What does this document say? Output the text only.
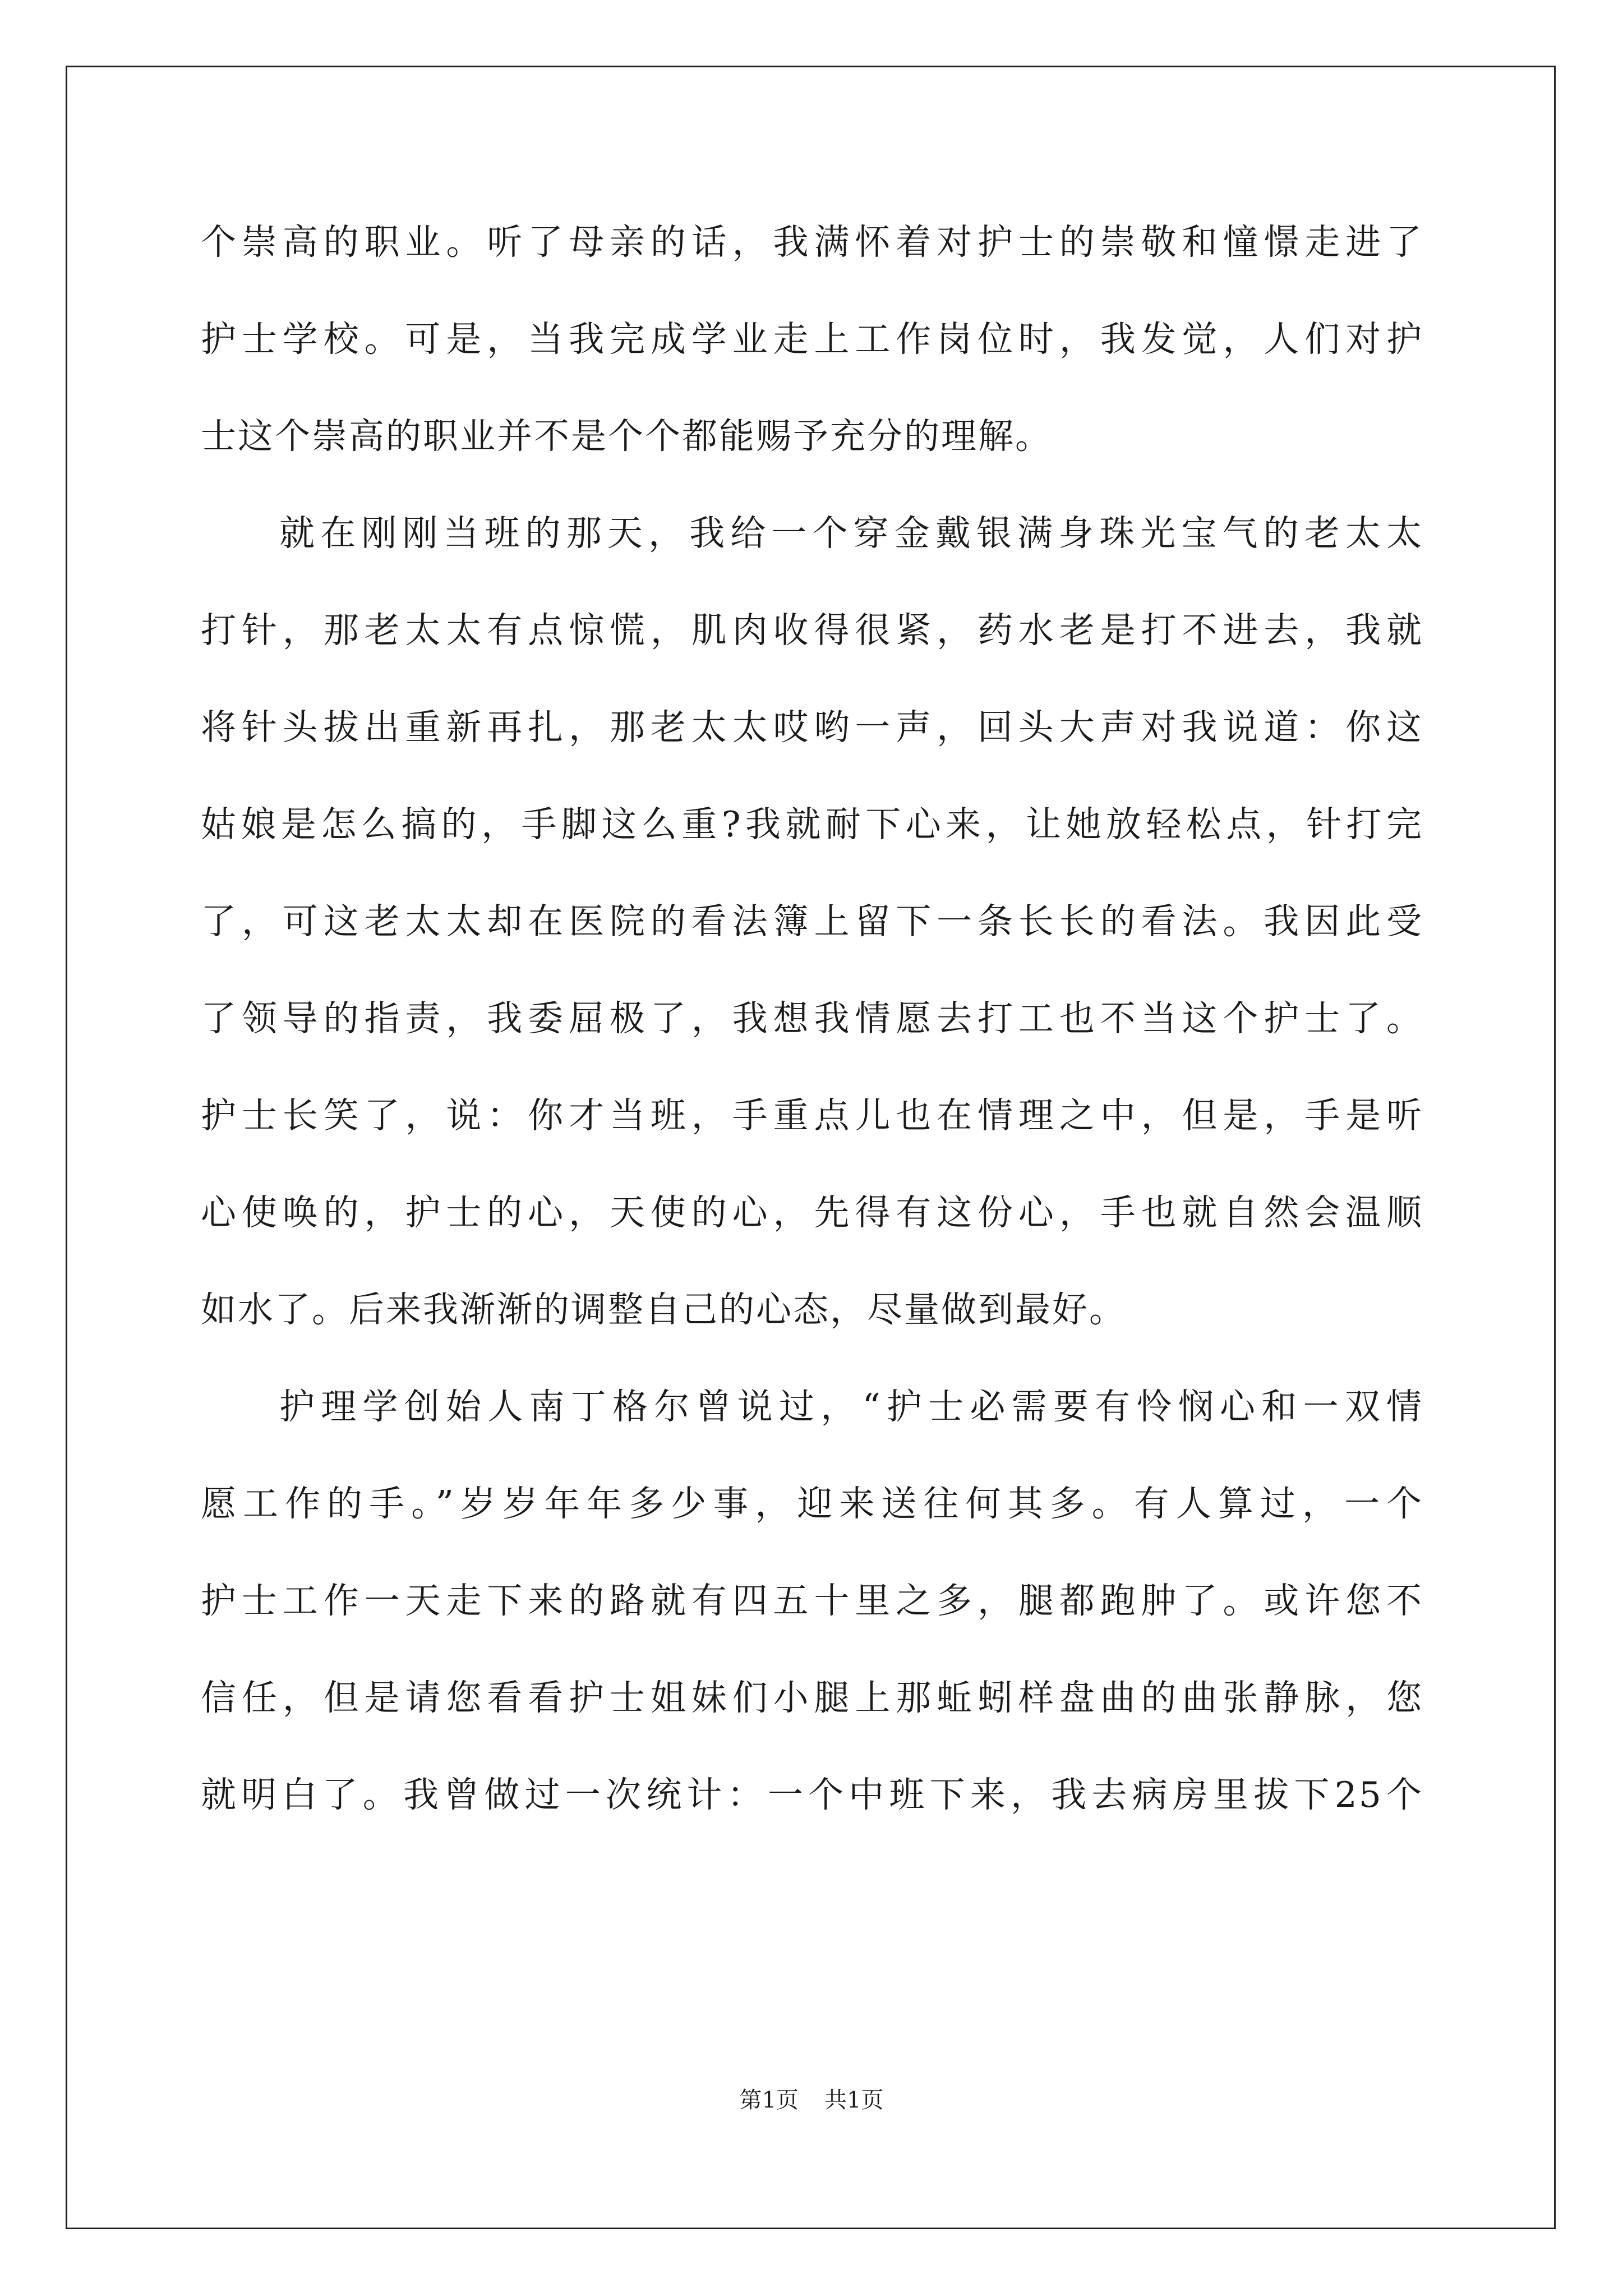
个崇高的职业。听了母亲的话，我满怀着对护士的崇敬和憧憬走进了
护士学校。可是，当我完成学业走上工作岗位时，我发觉，人们对护
士这个崇高的职业并不是个个都能赐予充分的理解。
就在刚刚当班的那天，我给一个穿金戴银满身珠光宝气的老太太
打针，那老太太有点惊慌，肌肉收得很紧，药水老是打不进去，我就
将针头拔出重新再扎，那老太太哎哟一声，回头大声对我说道：你这
姑娘是怎么搞的，手脚这么重?我就耐下心来，让她放轻松点，针打完
了，可这老太太却在医院的看法簿上留下一条长长的看法。我因此受
了领导的指责，我委屈极了，我想我情愿去打工也不当这个护士了。
护士长笑了，说：你才当班，手重点儿也在情理之中，但是，手是听
心使唤的，护士的心，天使的心，先得有这份心，手也就自然会温顺
如水了。后来我渐渐的调整自己的心态，尽量做到最好。
护理学创始人南丁格尔曾说过，“护士必需要有怜悯心和一双情
愿工作的手。”岁岁年年多少事，迎来送往何其多。有人算过，一个
护士工作一天走下来的路就有四五十里之多，腿都跑肿了。或许您不
信任，但是请您看看护士姐妹们小腿上那蚯蚓样盘曲的曲张静脉，您
就明白了。我曾做过一次统计：一个中班下来，我去病房里拔下25个
第1页 共1页
